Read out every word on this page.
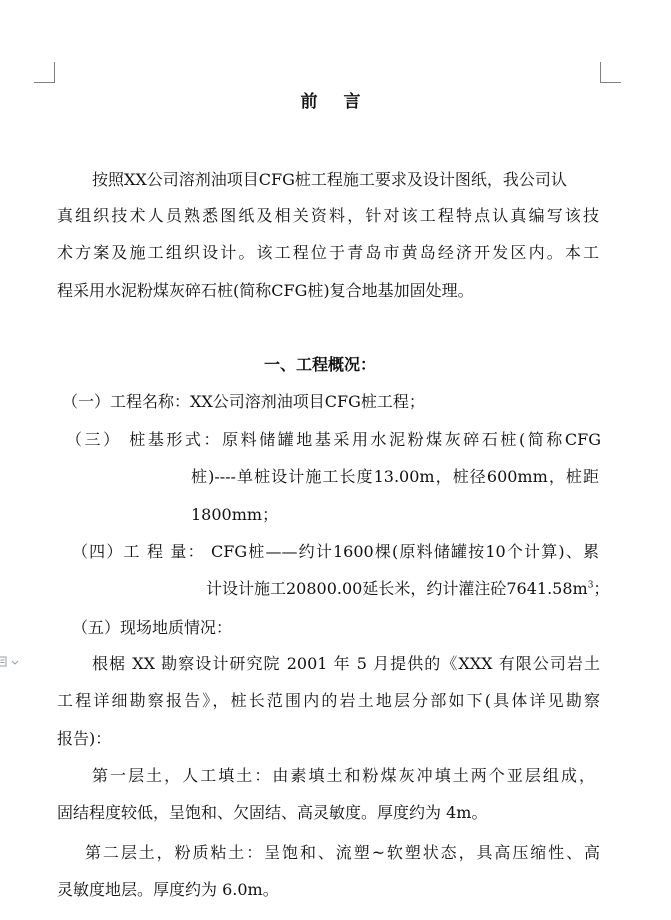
前 言
按照XX公司溶剂油项目CFG桩工程施工要求及设计图纸，我公司认
真组织技术人员熟悉图纸及相关资料，针对该工程特点认真编写该技
术方案及施工组织设计。该工程位于青岛市黄岛经济开发区内。本工
程采用水泥粉煤灰碎石桩(简称CFG桩)复合地基加固处理。
一、工程概况：
（一）工程名称：XX公司溶剂油项目CFG桩工程；
（三） 桩基形式：原料储罐地基采用水泥粉煤灰碎石桩(简称CFG
桩)----单桩设计施工长度13.00m，桩径600mm，桩距
1800mm；
（四）工 程 量： CFG桩——约计1600棵(原料储罐按10个计算)、累
计设计施工20800.00延长米，约计灌注砼$7641.58m^3$；
（五）现场地质情况：
根椐 XX 勘察设计研究院 2001 年 5 月提供的《XXX 有限公司岩土
工程详细勘察报告》，桩长范围内的岩土地层分部如下(具体详见勘察
报告)：
第一层土，人工填土：由素填土和粉煤灰冲填土两个亚层组成，
固结程度较低，呈饱和、欠固结、高灵敏度。厚度约为 4m。
第二层土，粉质粘土：呈饱和、流塑~软塑状态，具高压缩性、高
灵敏度地层。厚度约为 6.0m。
